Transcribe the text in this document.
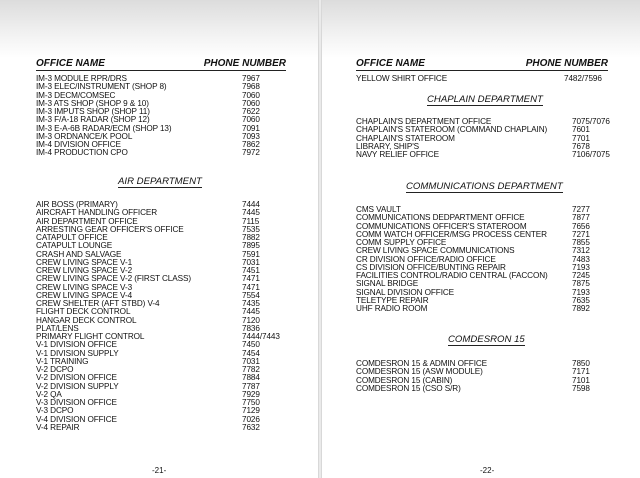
OFFICE NAME	PHONE NUMBER
IM-3 MODULE RPR/DRS	7967
IM-3 ELEC/INSTRUMENT (SHOP 8)	7968
IM-3 DECM/COMSEC	7060
IM-3 ATS SHOP (SHOP 9 & 10)	7060
IM-3 IMPUTS SHOP (SHOP 11)	7622
IM-3 F/A-18 RADAR (SHOP 12)	7060
IM-3 E-A-6B RADAR/ECM (SHOP 13)	7091
IM-3 ORDNANCE/K POOL	7093
IM-4 DIVISION OFFICE	7862
IM-4 PRODUCTION CPO	7972
AIR DEPARTMENT
AIR BOSS (PRIMARY)	7444
AIRCRAFT HANDLING OFFICER	7445
AIR DEPARTMENT OFFICE	7115
ARRESTING GEAR OFFICER'S OFFICE	7535
CATAPULT OFFICE	7882
CATAPULT LOUNGE	7895
CRASH AND SALVAGE	7591
CREW LIVING SPACE V-1	7031
CREW LIVING SPACE V-2	7451
CREW LIVING SPACE V-2 (FIRST CLASS)	7471
CREW LIVING SPACE V-3	7471
CREW LIVING SPACE V-4	7554
CREW SHELTER (AFT STBD) V-4	7435
FLIGHT DECK CONTROL	7445
HANGAR DECK CONTROL	7120
PLAT/LENS	7836
PRIMARY FLIGHT CONTROL	7444/7443
V-1 DIVISION OFFICE	7450
V-1 DIVISION SUPPLY	7454
V-1 TRAINING	7031
V-2 DCPO	7782
V-2 DIVISION OFFICE	7884
V-2 DIVISION SUPPLY	7787
V-2 QA	7929
V-3 DIVISION OFFICE	7750
V-3 DCPO	7129
V-4 DIVISION OFFICE	7026
V-4 REPAIR	7632
-21-
OFFICE NAME	PHONE NUMBER
YELLOW SHIRT OFFICE	7482/7596
CHAPLAIN DEPARTMENT
CHAPLAIN'S DEPARTMENT OFFICE	7075/7076
CHAPLAIN'S STATEROOM (COMMAND CHAPLAIN)	7601
CHAPLAIN'S STATEROOM	7701
LIBRARY, SHIP'S	7678
NAVY RELIEF OFFICE	7106/7075
COMMUNICATIONS DEPARTMENT
CMS VAULT	7277
COMMUNICATIONS DEDPARTMENT OFFICE	7877
COMMUNICATIONS OFFICER'S STATEROOM	7656
COMM WATCH OFFICER/MSG PROCESS CENTER	7271
COMM SUPPLY OFFICE	7855
CREW LIVING SPACE COMMUNICATIONS	7312
CR DIVISION OFFICE/RADIO OFFICE	7483
CS DIVISION OFFICE/BUNTING REPAIR	7193
FACILITIES CONTROL/RADIO CENTRAL (FACCON)	7245
SIGNAL BRIDGE	7875
SIGNAL DIVISION OFFICE	7193
TELETYPE REPAIR	7635
UHF RADIO ROOM	7892
COMDESRON 15
COMDESRON 15 & ADMIN OFFICE	7850
COMDESRON 15 (ASW MODULE)	7171
COMDESRON 15 (CABIN)	7101
COMDESRON 15 (CSO S/R)	7598
-22-
